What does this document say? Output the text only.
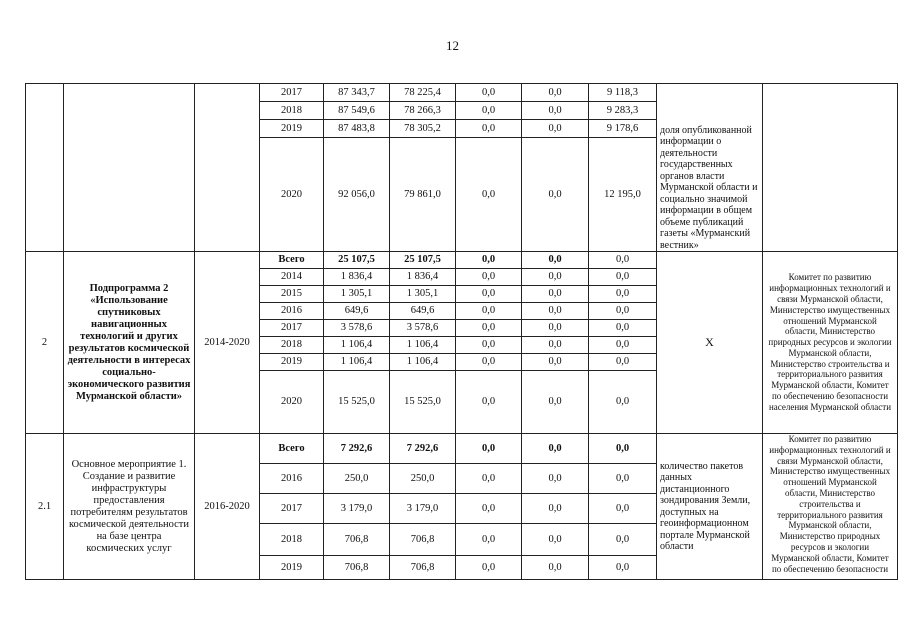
12
			2017	87 343,7	78 225,4	0,0	0,0	9 118,3	доля опубликованной информации о деятельности государственных органов власти Мурманской области и социально значимой информации в общем объеме публикаций газеты «Мурманский вестник»	

			2018	87 549,6	78 266,3	0,0	0,0	9 283,3		
			2019	87 483,8	78 305,2	0,0	0,0	9 178,6		
			2020	92 056,0	79 861,0	0,0	0,0	12 195,0		
2	Подпрограмма 2 «Использование спутниковых навигационных технологий и других результатов космической деятельности в интересах социально-экономического развития Мурманской области»	2014-2020	Всего	25 107,5	25 107,5	0,0	0,0	0,0	Х	Комитет по развитию информационных технологий и связи Мурманской области, Министерство имущественных отношений Мурманской области, Министерство природных ресурсов и экологии Мурманской области, Министерство строительства и территориального развития Мурманской области, Комитет по обеспечению безопасности населения Мурманской области

			2014	1 836,4	1 836,4	0,0	0,0	0,0		
			2015	1 305,1	1 305,1	0,0	0,0	0,0		
			2016	649,6	649,6	0,0	0,0	0,0		
			2017	3 578,6	3 578,6	0,0	0,0	0,0		
			2018	1 106,4	1 106,4	0,0	0,0	0,0		
			2019	1 106,4	1 106,4	0,0	0,0	0,0		
			2020	15 525,0	15 525,0	0,0	0,0	0,0		
2.1	Основное мероприятие 1. Создание и развитие инфраструктуры предоставления потребителям результатов космической деятельности на базе центра космических услуг	2016-2020	Всего	7 292,6	7 292,6	0,0	0,0	0,0	количество пакетов данных дистанционного зондирования Земли, доступных на геоинформационном портале Мурманской области	Комитет по развитию информационных технологий и связи Мурманской области, Министерство имущественных отношений Мурманской области, Министерство строительства и территориального развития Мурманской области, Министерство природных ресурсов и экологии Мурманской области, Комитет по обеспечению безопасности

			2016	250,0	250,0	0,0	0,0	0,0		
			2017	3 179,0	3 179,0	0,0	0,0	0,0		
			2018	706,8	706,8	0,0	0,0	0,0		
			2019	706,8	706,8	0,0	0,0	0,0		
